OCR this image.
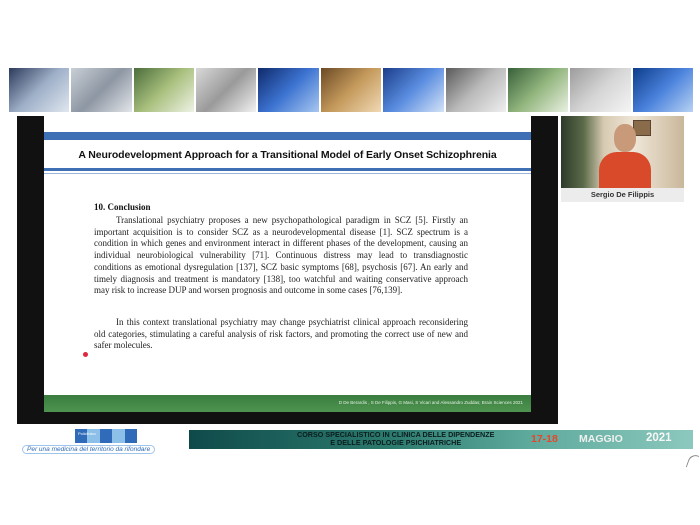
A Neurodevelopment Approach for a Transitional Model of Early Onset Schizophrenia
10. Conclusion

Translational psychiatry proposes a new psychopathological paradigm in SCZ [5]. Firstly an important acquisition is to consider SCZ as a neurodevelopmental disease [1]. SCZ spectrum is a condition in which genes and environment interact in different phases of the development, causing an individual neurobiological vulnerability [71]. Continuous distress may lead to transdiagnostic conditions as emotional dysregulation [137], SCZ basic symptoms [68], psychosis [67]. An early and timely diagnosis and treatment is mandatory [138], too watchful and waiting conservative approach may risk to increase DUP and worsen prognosis and outcome in some cases [76,139].

In this context translational psychiatry may change psychiatrist clinical approach reconsidering old categories, stimulating a careful analysis of risk factors, and promoting the correct use of new and safer molecules.

D De Berardis , S De Filippis, G Masi, S Vicari and Alessandro Zuddas; Brain Sciences 2021
Sergio De Filippis
Policlinico
Per una medicina del territorio da rifondare
CORSO SPECIALISTICO IN CLINICA DELLE DIPENDENZE
E DELLE PATOLOGIE PSICHIATRICHE	17-18 MAGGIO 2021
